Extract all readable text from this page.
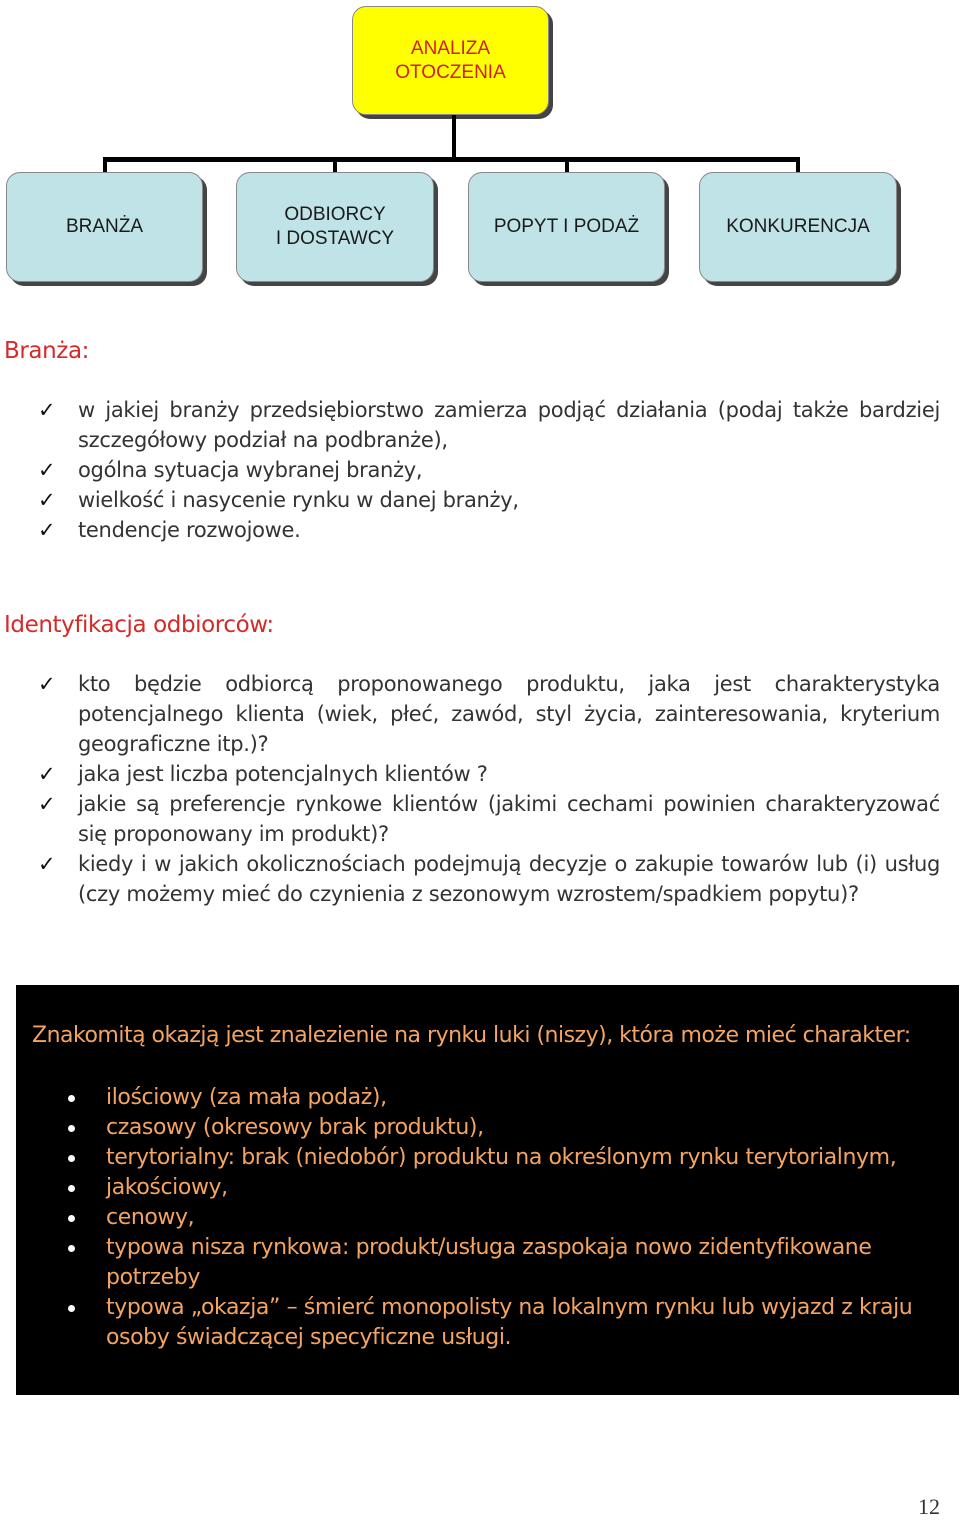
ANALIZA
OTOCZENIA
BRANŻA
ODBIORCY
I DOSTAWCY
POPYT I PODAŻ	KONKURENCJA
Branża:
✓ w jakiej branży przedsiębiorstwo zamierza podjąć działania (podaj także bardziej szczegółowy podział na podbranże),
✓ ogólna sytuacja wybranej branży,
✓ wielkość i nasycenie rynku w danej branży,
✓ tendencje rozwojowe.
Identyfikacja odbiorców:
✓ kto będzie odbiorcą proponowanego produktu, jaka jest charakterystyka potencjalnego klienta (wiek, płeć, zawód, styl życia, zainteresowania, kryterium geograficzne itp.)?
✓ jaka jest liczba potencjalnych klientów ?
✓ jakie są preferencje rynkowe klientów (jakimi cechami powinien charakteryzować się proponowany im produkt)?
✓ kiedy i w jakich okolicznościach podejmują decyzje o zakupie towarów lub (i) usług (czy możemy mieć do czynienia z sezonowym wzrostem/spadkiem popytu)?
Znakomitą okazją jest znalezienie na rynku luki (niszy), która może mieć charakter:
ilościowy (za mała podaż),
czasowy (okresowy brak produktu),
terytorialny: brak (niedobór) produktu na określonym rynku terytorialnym,
jakościowy,
cenowy,
typowa nisza rynkowa: produkt/usługa zaspokaja nowo zidentyfikowane potrzeby
typowa „okazja” – śmierć monopolisty na lokalnym rynku lub wyjazd z kraju osoby świadczącej specyficzne usługi.
12
